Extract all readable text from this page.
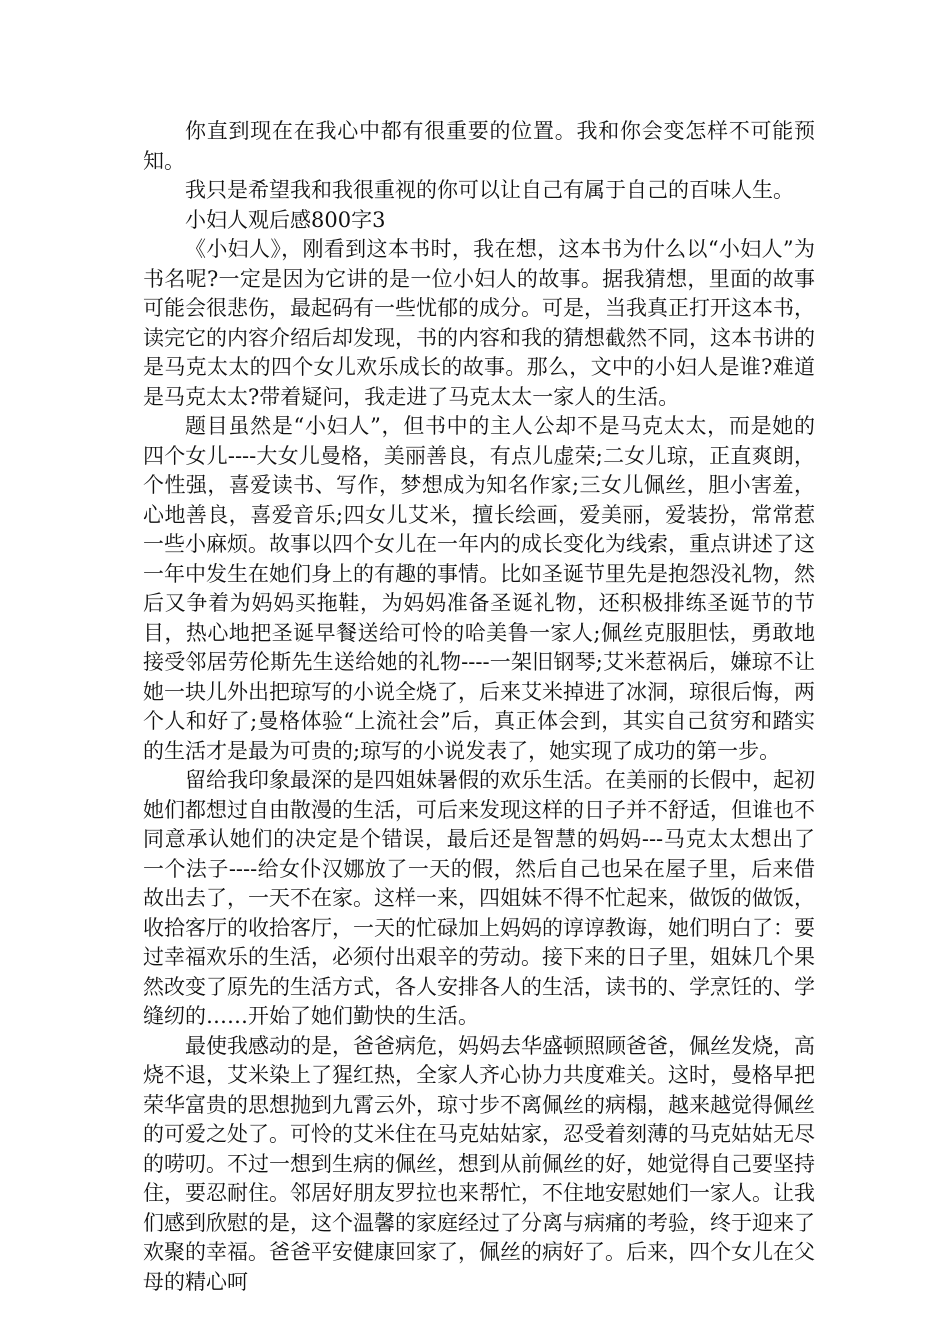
你直到现在在我心中都有很重要的位置。我和你会变怎样不可能预知。

我只是希望我和我很重视的你可以让自己有属于自己的百味人生。

小妇人观后感800字3

《小妇人》，刚看到这本书时，我在想，这本书为什么以“小妇人”为书名呢?一定是因为它讲的是一位小妇人的故事。据我猜想，里面的故事可能会很悲伤，最起码有一些忧郁的成分。可是，当我真正打开这本书，读完它的内容介绍后却发现，书的内容和我的猜想截然不同，这本书讲的是马克太太的四个女儿欢乐成长的故事。那么，文中的小妇人是谁?难道是马克太太?带着疑问，我走进了马克太太一家人的生活。

题目虽然是“小妇人”，但书中的主人公却不是马克太太，而是她的四个女儿----大女儿曼格，美丽善良，有点儿虚荣;二女儿琼，正直爽朗，个性强，喜爱读书、写作，梦想成为知名作家;三女儿佩丝，胆小害羞，心地善良，喜爱音乐;四女儿艾米，擅长绘画，爱美丽，爱装扮，常常惹一些小麻烦。故事以四个女儿在一年内的成长变化为线索，重点讲述了这一年中发生在她们身上的有趣的事情。比如圣诞节里先是抱怨没礼物，然后又争着为妈妈买拖鞋，为妈妈准备圣诞礼物，还积极排练圣诞节的节目，热心地把圣诞早餐送给可怜的哈美鲁一家人;佩丝克服胆怯，勇敢地接受邻居劳伦斯先生送给她的礼物----一架旧钢琴;艾米惹祸后，嫌琼不让她一块儿外出把琼写的小说全烧了，后来艾米掉进了冰洞，琼很后悔，两个人和好了;曼格体验“上流社会”后，真正体会到，其实自己贫穷和踏实的生活才是最为可贵的;琼写的小说发表了，她实现了成功的第一步。

留给我印象最深的是四姐妹暑假的欢乐生活。在美丽的长假中，起初她们都想过自由散漫的生活，可后来发现这样的日子并不舒适，但谁也不同意承认她们的决定是个错误，最后还是智慧的妈妈---马克太太想出了一个法子----给女仆汉娜放了一天的假，然后自己也呆在屋子里，后来借故出去了，一天不在家。这样一来，四姐妹不得不忙起来，做饭的做饭，收拾客厅的收拾客厅，一天的忙碌加上妈妈的谆谆教诲，她们明白了：要过幸福欢乐的生活，必须付出艰辛的劳动。接下来的日子里，姐妹几个果然改变了原先的生活方式，各人安排各人的生活，读书的、学烹饪的、学缝纫的……开始了她们勤快的生活。

最使我感动的是，爸爸病危，妈妈去华盛顿照顾爸爸，佩丝发烧，高烧不退，艾米染上了猩红热，全家人齐心协力共度难关。这时，曼格早把荣华富贵的思想抛到九霄云外，琼寸步不离佩丝的病榻，越来越觉得佩丝的可爱之处了。可怜的艾米住在马克姑姑家，忍受着刻薄的马克姑姑无尽的唠叨。不过一想到生病的佩丝，想到从前佩丝的好，她觉得自己要坚持住，要忍耐住。邻居好朋友罗拉也来帮忙，不住地安慰她们一家人。让我们感到欣慰的是，这个温馨的家庭经过了分离与病痛的考验，终于迎来了欢聚的幸福。爸爸平安健康回家了，佩丝的病好了。后来，四个女儿在父母的精心呵
